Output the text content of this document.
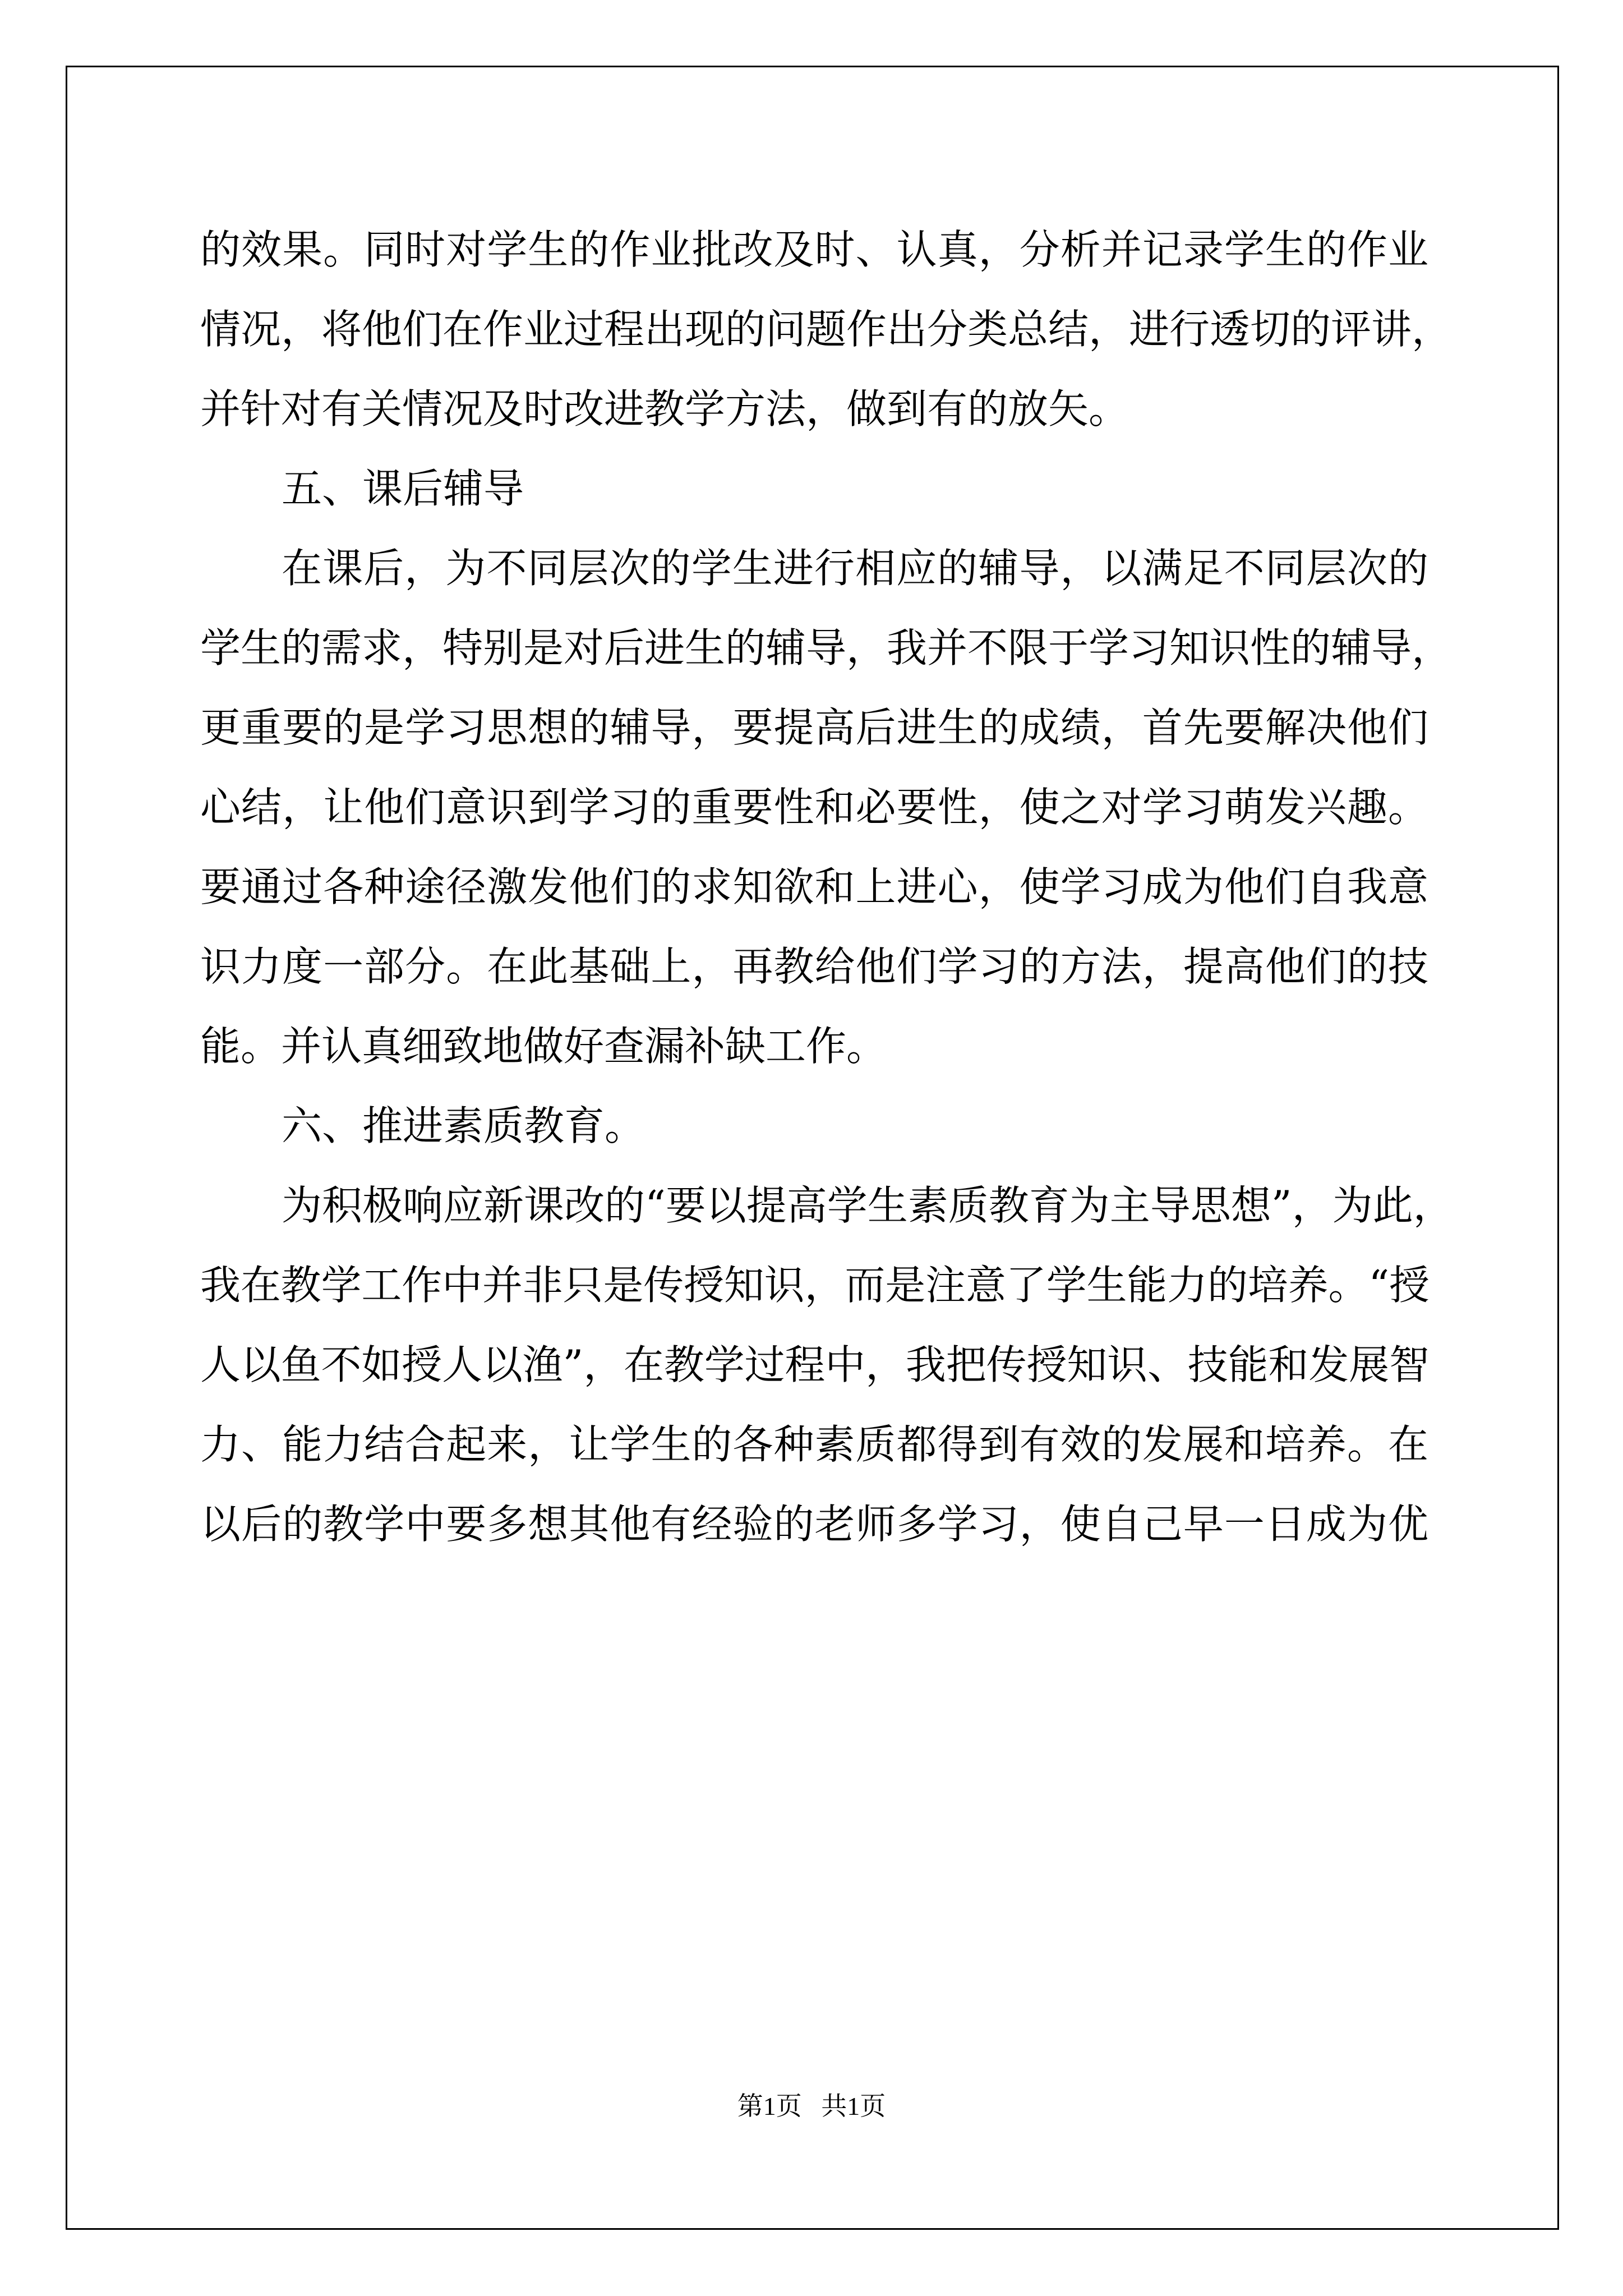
的效果。同时对学生的作业批改及时、认真，分析并记录学生的作业
情况，将他们在作业过程出现的问题作出分类总结，进行透切的评讲，
并针对有关情况及时改进教学方法，做到有的放矢。
五、课后辅导
在课后，为不同层次的学生进行相应的辅导，以满足不同层次的
学生的需求，特别是对后进生的辅导，我并不限于学习知识性的辅导，
更重要的是学习思想的辅导，要提高后进生的成绩，首先要解决他们
心结，让他们意识到学习的重要性和必要性，使之对学习萌发兴趣。
要通过各种途径激发他们的求知欲和上进心，使学习成为他们自我意
识力度一部分。在此基础上，再教给他们学习的方法，提高他们的技
能。并认真细致地做好查漏补缺工作。
六、推进素质教育。
为积极响应新课改的“要以提高学生素质教育为主导思想”，为此，
我在教学工作中并非只是传授知识，而是注意了学生能力的培养。“授
人以鱼不如授人以渔”，在教学过程中，我把传授知识、技能和发展智
力、能力结合起来，让学生的各种素质都得到有效的发展和培养。在
以后的教学中要多想其他有经验的老师多学习，使自己早一日成为优
第1页   共1页
